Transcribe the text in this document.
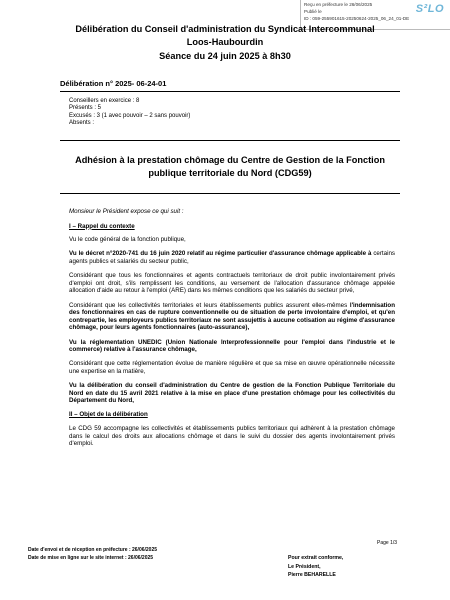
Reçu en préfecture le 26/06/2025
Publié le
ID : 059-255901615-20250624-2025_06_24_01-DE
S²LO
Délibération du Conseil d'administration du Syndicat Intercommunal
Loos-Haubourdin
Séance du 24 juin 2025 à 8h30
Délibération n° 2025- 06-24-01
Conseillers en exercice : 8
Présents : 5
Excusés : 3 (1 avec pouvoir – 2 sans pouvoir)
Absents :
Adhésion à la prestation chômage du Centre de Gestion de la Fonction publique territoriale du Nord (CDG59)

Monsieur le Président expose ce qui suit :

I – Rappel du contexte

Vu le code général de la fonction publique,

Vu le décret n°2020-741 du 16 juin 2020 relatif au régime particulier d'assurance chômage applicable à certains agents publics et salariés du secteur public,

Considérant que tous les fonctionnaires et agents contractuels territoriaux de droit public involontairement privés d'emploi ont droit, s'ils remplissent les conditions, au versement de l'allocation d'assurance chômage appelée allocation d'aide au retour à l'emploi (ARE) dans les mêmes conditions que les salariés du secteur privé,

Considérant que les collectivités territoriales et leurs établissements publics assurent elles-mêmes l'indemnisation des fonctionnaires en cas de rupture conventionnelle ou de situation de perte involontaire d'emploi, et qu'en contrepartie, les employeurs publics territoriaux ne sont assujettis à aucune cotisation au régime d'assurance chômage, pour leurs agents fonctionnaires (auto-assurance),

Vu la réglementation UNEDIC (Union Nationale Interprofessionnelle pour l'emploi dans l'industrie et le commerce) relative à l'assurance chômage,

Considérant que cette réglementation évolue de manière régulière et que sa mise en œuvre opérationnelle nécessite une expertise en la matière,

Vu la délibération du conseil d'administration du Centre de gestion de la Fonction Publique Territoriale du Nord en date du 15 avril 2021 relative à la mise en place d'une prestation chômage pour les collectivités du Département du Nord,

II – Objet de la délibération

Le CDG 59 accompagne les collectivités et établissements publics territoriaux qui adhèrent à la prestation chômage dans le calcul des droits aux allocations chômage et dans le suivi du dossier des agents involontairement privés d'emploi.

Page 1/3
Date d'envoi et de réception en préfecture : 26/06/2025
Date de mise en ligne sur le site internet : 26/06/2025	Pour extrait conforme,
Le Président,
Pierre BEHARELLE
